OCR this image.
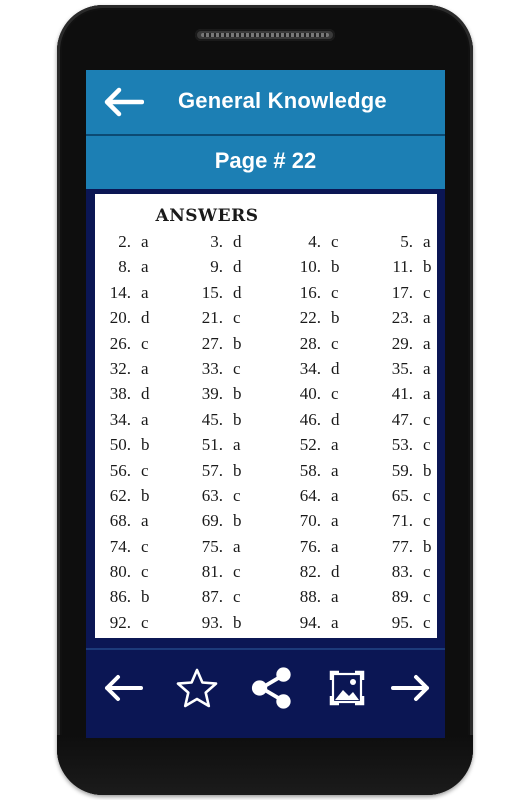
General Knowledge
Page # 22
ANSWERS
2. a	3. d	4. c	5. a
8. a	9. d	10. b	11. b
14. a	15. d	16. c	17. c
20. d	21. c	22. b	23. a
26. c	27. b	28. c	29. a
32. a	33. c	34. d	35. a
38. d	39. b	40. c	41. a
34. a	45. b	46. d	47. c
50. b	51. a	52. a	53. c
56. c	57. b	58. a	59. b
62. b	63. c	64. a	65. c
68. a	69. b	70. a	71. c
74. c	75. a	76. a	77. b
80. c	81. c	82. d	83. c
86. b	87. c	88. a	89. c
92. c	93. b	94. a	95. c
